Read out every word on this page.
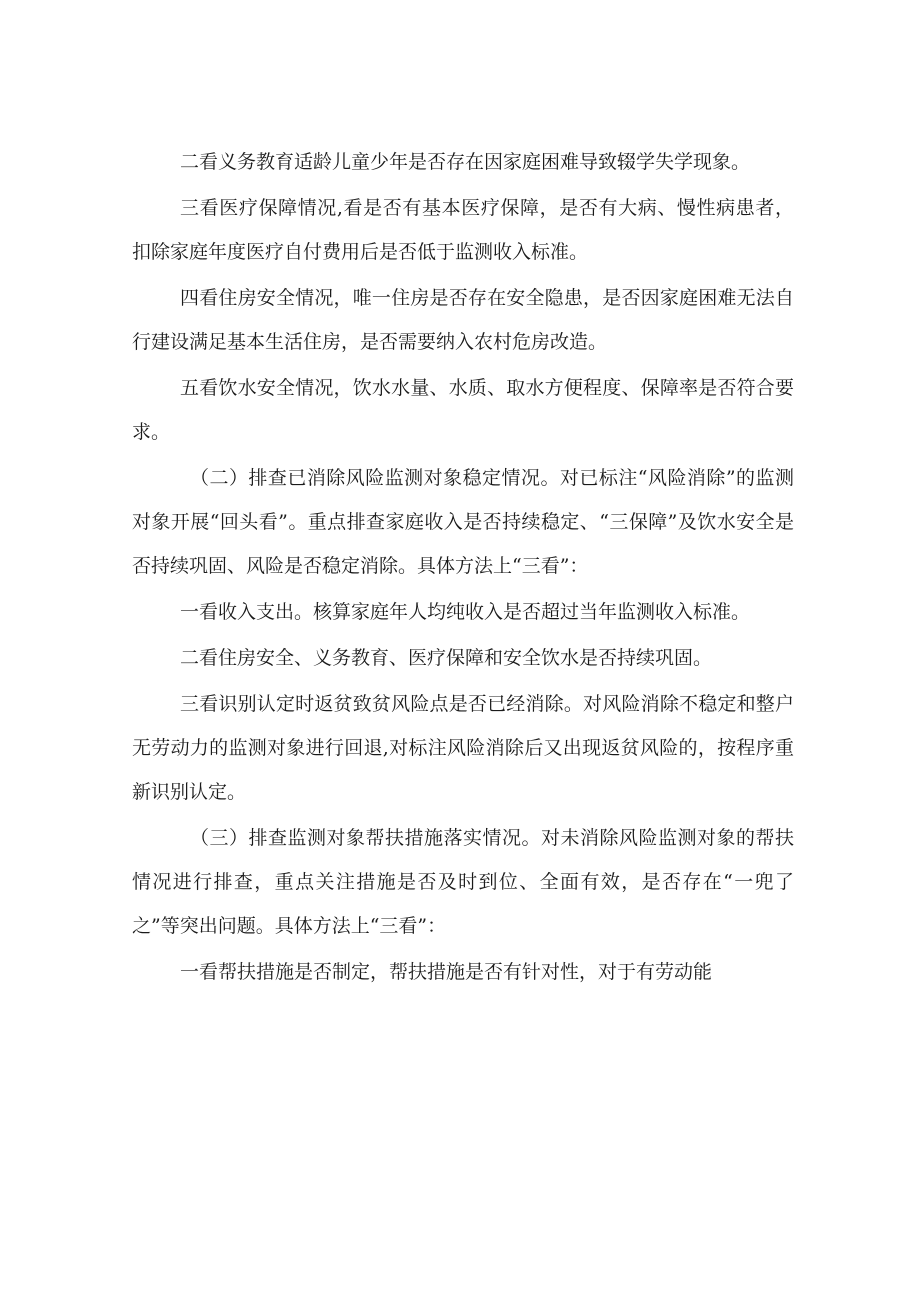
二看义务教育适龄儿童少年是否存在因家庭困难导致辍学失学现象。

三看医疗保障情况,看是否有基本医疗保障，是否有大病、慢性病患者，扣除家庭年度医疗自付费用后是否低于监测收入标准。

四看住房安全情况，唯一住房是否存在安全隐患，是否因家庭困难无法自行建设满足基本生活住房，是否需要纳入农村危房改造。

五看饮水安全情况，饮水水量、水质、取水方便程度、保障率是否符合要求。

（二）排查已消除风险监测对象稳定情况。对已标注“风险消除”的监测对象开展“回头看”。重点排查家庭收入是否持续稳定、“三保障”及饮水安全是否持续巩固、风险是否稳定消除。具体方法上“三看”：

一看收入支出。核算家庭年人均纯收入是否超过当年监测收入标准。

二看住房安全、义务教育、医疗保障和安全饮水是否持续巩固。

三看识别认定时返贫致贫风险点是否已经消除。对风险消除不稳定和整户无劳动力的监测对象进行回退,对标注风险消除后又出现返贫风险的，按程序重新识别认定。

（三）排查监测对象帮扶措施落实情况。对未消除风险监测对象的帮扶情况进行排查，重点关注措施是否及时到位、全面有效，是否存在“一兜了之”等突出问题。具体方法上“三看”：

一看帮扶措施是否制定，帮扶措施是否有针对性，对于有劳动能
